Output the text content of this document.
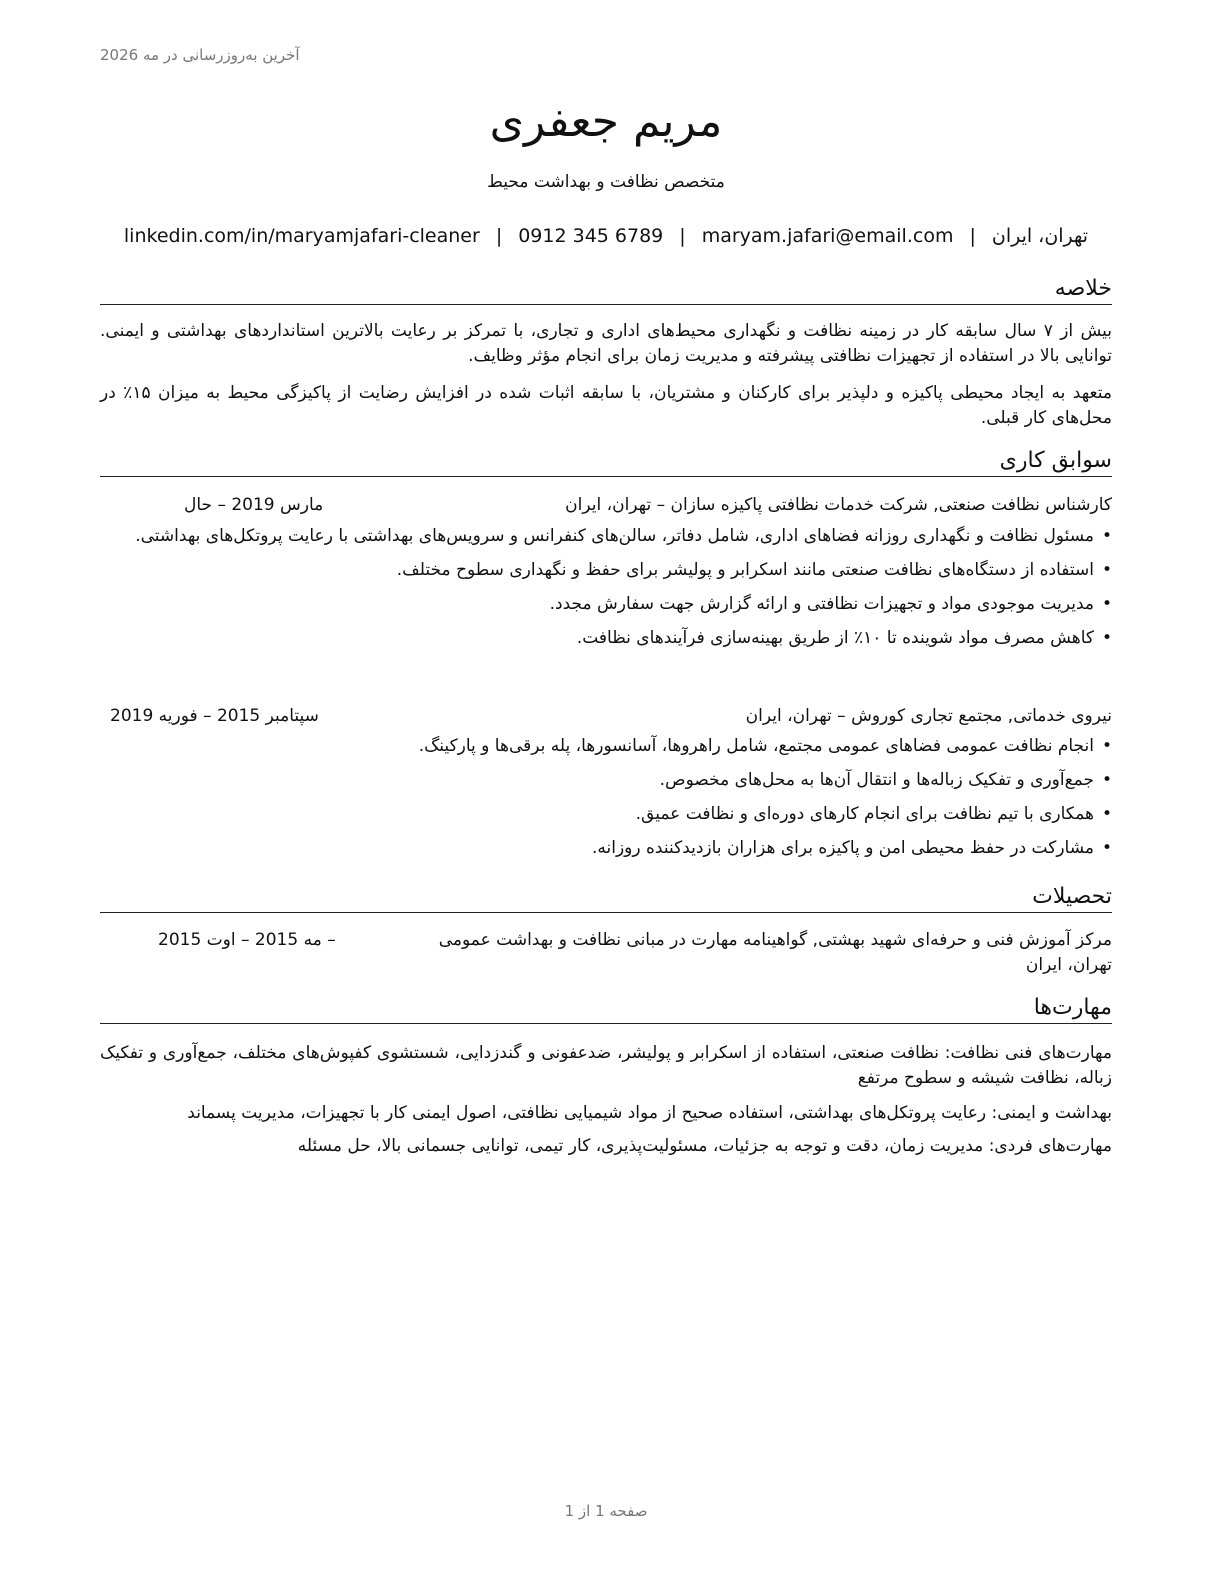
آخرین به‌روزرسانی در مه 2026
مریم جعفری
متخصص نظافت و بهداشت محیط
تهران، ایران|maryam.jafari@email.com|0912 345 6789|linkedin.com/in/maryamjafari-cleaner
خلاصه

بیش از ۷ سال سابقه کار در زمینه نظافت و نگهداری محیط‌های اداری و تجاری، با تمرکز بر رعایت بالاترین استانداردهای بهداشتی و ایمنی. توانایی بالا در استفاده از تجهیزات نظافتی پیشرفته و مدیریت زمان برای انجام مؤثر وظایف.

متعهد به ایجاد محیطی پاکیزه و دلپذیر برای کارکنان و مشتریان، با سابقه اثبات شده در افزایش رضایت از پاکیزگی محیط به میزان ۱۵٪ در محل‌های کار قبلی.

سوابق کاری
کارشناس نظافت صنعتی, شرکت خدمات نظافتی پاکیزه سازان – تهران، ایران
مارس 2019 – حال
• مسئول نظافت و نگهداری روزانه فضاهای اداری، شامل دفاتر، سالن‌های کنفرانس و سرویس‌های بهداشتی با رعایت پروتکل‌های بهداشتی.
• استفاده از دستگاه‌های نظافت صنعتی مانند اسکرابر و پولیشر برای حفظ و نگهداری سطوح مختلف.
• مدیریت موجودی مواد و تجهیزات نظافتی و ارائه گزارش جهت سفارش مجدد.
• کاهش مصرف مواد شوینده تا ۱۰٪ از طریق بهینه‌سازی فرآیندهای نظافت.
نیروی خدماتی, مجتمع تجاری کوروش – تهران، ایران
سپتامبر 2015 – فوریه 2019
• انجام نظافت عمومی فضاهای عمومی مجتمع، شامل راهروها، آسانسورها، پله برقی‌ها و پارکینگ.
• جمع‌آوری و تفکیک زباله‌ها و انتقال آن‌ها به محل‌های مخصوص.
• همکاری با تیم نظافت برای انجام کارهای دوره‌ای و نظافت عمیق.
• مشارکت در حفظ محیطی امن و پاکیزه برای هزاران بازدیدکننده روزانه.
تحصیلات
مرکز آموزش فنی و حرفه‌ای شهید بهشتی, گواهینامه مهارت در مبانی نظافت و بهداشت عمومی
– مه 2015 – اوت 2015
تهران، ایران
مهارت‌ها

مهارت‌های فنی نظافت: نظافت صنعتی، استفاده از اسکرابر و پولیشر، ضدعفونی و گندزدایی، شستشوی کفپوش‌های مختلف، جمع‌آوری و تفکیک زباله، نظافت شیشه و سطوح مرتفع

بهداشت و ایمنی: رعایت پروتکل‌های بهداشتی، استفاده صحیح از مواد شیمیایی نظافتی، اصول ایمنی کار با تجهیزات، مدیریت پسماند

مهارت‌های فردی: مدیریت زمان، دقت و توجه به جزئیات، مسئولیت‌پذیری، کار تیمی، توانایی جسمانی بالا، حل مسئله

صفحه 1 از 1
